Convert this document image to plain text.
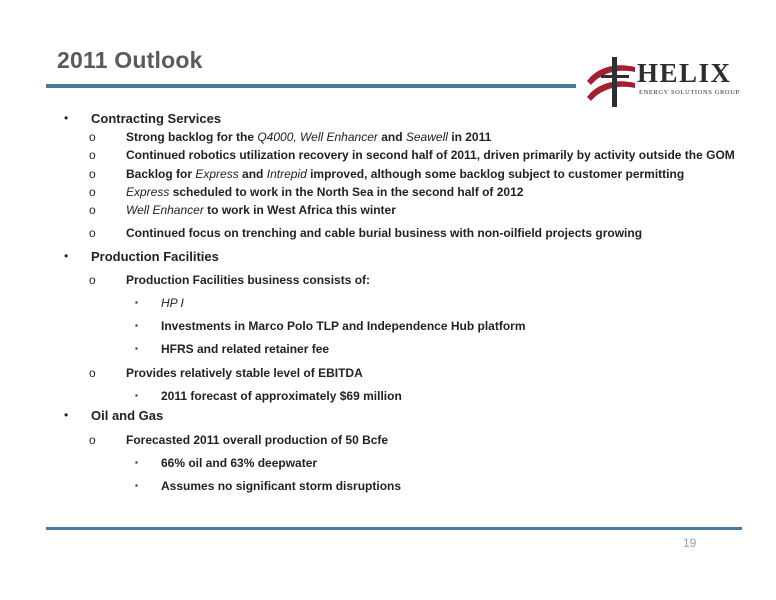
2011 Outlook	HELIX
ENERGY SOLUTIONS GROUP
• Contracting Services
o	Strong backlog for the Q4000, Well Enhancer and Seawell in 2011
o	Continued robotics utilization recovery in second half of 2011, driven primarily by activity outside the GOM
o	Backlog for Express and Intrepid improved, although some backlog subject to customer permitting
o	Express scheduled to work in the North Sea in the second half of 2012
o	Well Enhancer to work in West Africa this winter
o	Continued focus on trenching and cable burial business with non-oilfield projects growing
• Production Facilities
o	Production Facilities business consists of:
▪ HP I
▪ Investments in Marco Polo TLP and Independence Hub platform
▪ HFRS and related retainer fee
o	Provides relatively stable level of EBITDA
▪ 2011 forecast of approximately $69 million
• Oil and Gas
o	Forecasted 2011 overall production of 50 Bcfe
▪ 66% oil and 63% deepwater
▪ Assumes no significant storm disruptions
19
